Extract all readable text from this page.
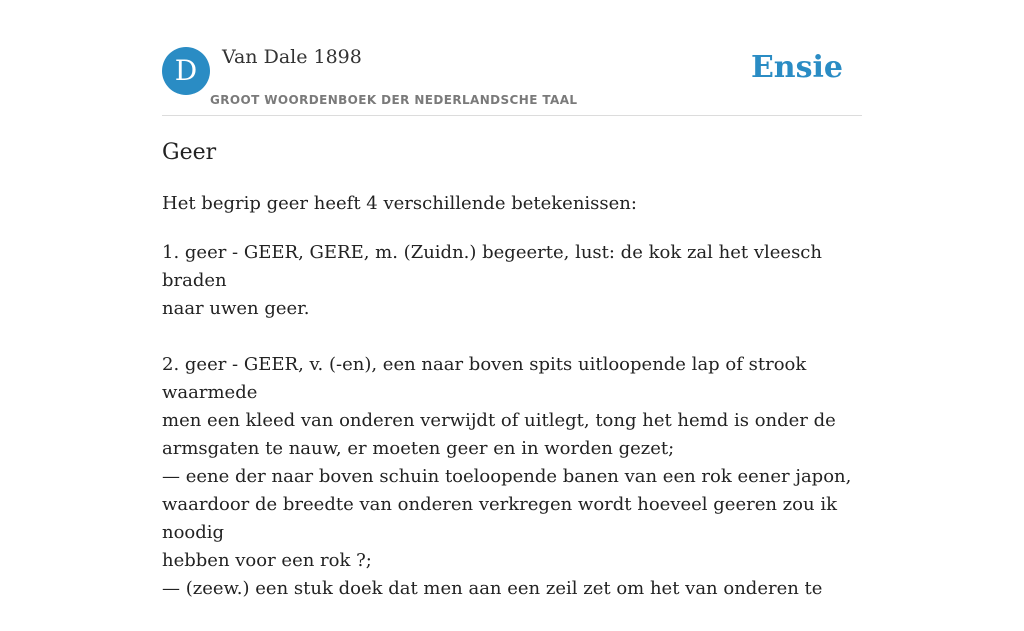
D	Van Dale 1898
GROOT WOORDENBOEK DER NEDERLANDSCHE TAAL
Ensie
Geer
Het begrip geer heeft 4 verschillende betekenissen:

1. geer - GEER, GERE, m. (Zuidn.) begeerte, lust: de kok zal het vleesch braden
naar uwen geer.

2. geer - GEER, v. (-en), een naar boven spits uitloopende lap of strook waarmede
men een kleed van onderen verwijdt of uitlegt, tong het hemd is onder de
armsgaten te nauw, er moeten geer en in worden gezet;
— eene der naar boven schuin toeloopende banen van een rok eener japon,
waardoor de breedte van onderen verkregen wordt hoeveel geeren zou ik noodig
hebben voor een rok ?;
— (zeew.) een stuk doek dat men aan een zeil zet om het van onderen te
